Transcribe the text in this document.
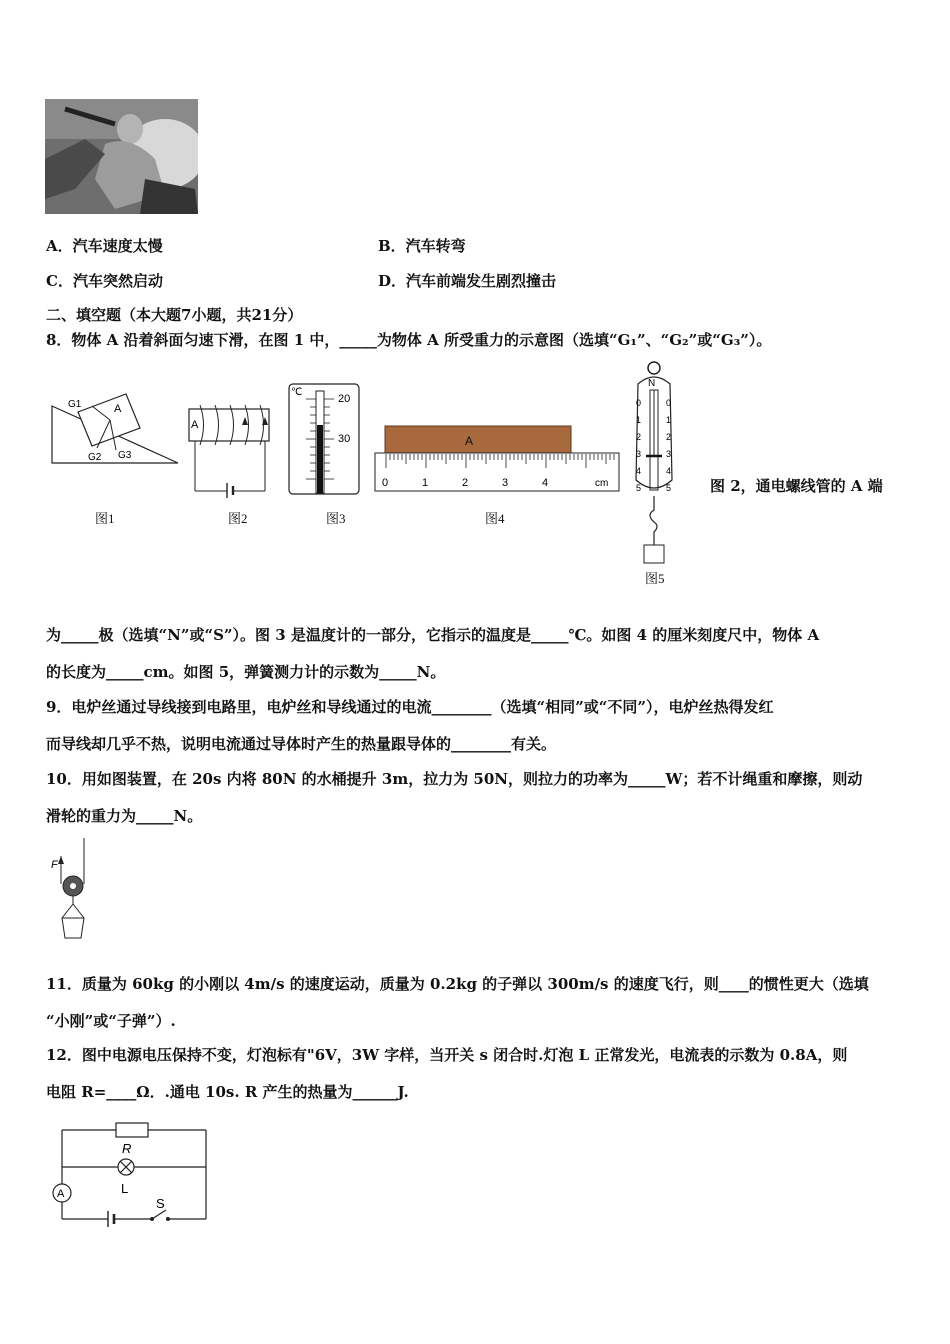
A．汽车速度太慢	B．汽车转弯
C．汽车突然启动	D．汽车前端发生剧烈撞击
二、填空题（本大题7小题，共21分）
8．物体 A 沿着斜面匀速下滑，在图 1 中，_____为物体 A 所受重力的示意图（选填“G₁”、“G₂”或“G₃”）。
G1	A
G2 G3
A
℃
20
30	A
0	1	2	3	4	cm
N
0
1
2
3
4
5
0
1
2
3
4
5	图 2，通电螺线管的 A 端
图1	图2	图3	图4
图5
为_____极（选填“N”或“S”）。图 3 是温度计的一部分，它指示的温度是_____℃。如图 4 的厘米刻度尺中，物体 A
的长度为_____cm。如图 5，弹簧测力计的示数为_____N。
9．电炉丝通过导线接到电路里，电炉丝和导线通过的电流________（选填“相同”或“不同”），电炉丝热得发红
而导线却几乎不热，说明电流通过导体时产生的热量跟导体的________有关。
10．用如图装置，在 20s 内将 80N 的水桶提升 3m，拉力为 50N，则拉力的功率为_____W；若不计绳重和摩擦，则动
滑轮的重力为_____N。
F
11．质量为 60kg 的小刚以 4m/s 的速度运动，质量为 0.2kg 的子弹以 300m/s 的速度飞行，则____的惯性更大（选填
“小刚”或“子弹”）.
12．图中电源电压保持不变，灯泡标有"6V，3W 字样，当开关 s 闭合时.灯泡 L 正常发光，电流表的示数为 0.8A，则
电阻 R=____Ω．.通电 10s. R 产生的热量为______J.
R
L
S
A
